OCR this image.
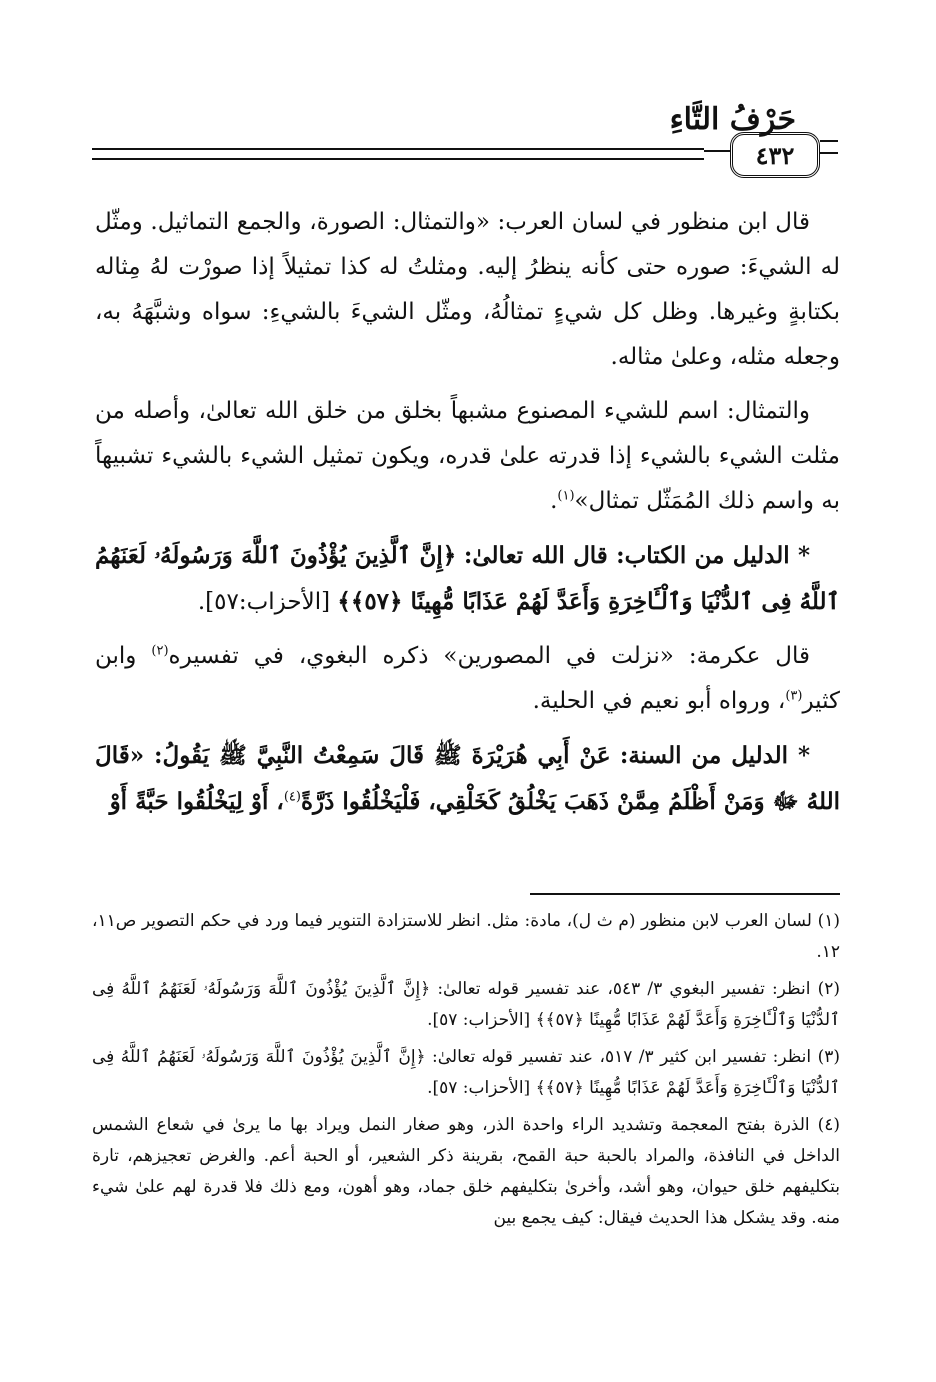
حَرْفُ التَّاءِ
٤٣٢

قال ابن منظور في لسان العرب: «والتمثال: الصورة، والجمع التماثيل. ومثّل له الشيءَ: صوره حتى كأنه ينظرُ إليه. ومثلتُ له كذا تمثيلاً إذا صورْت لهُ مِثاله بكتابةٍ وغيرها. وظل كل شيءٍ تمثالُهُ، ومثّل الشيءَ بالشيءِ: سواه وشبَّهَهُ به، وجعله مثله، وعلىٰ مثاله.

والتمثال: اسم للشيء المصنوع مشبهاً بخلق من خلق الله تعالىٰ، وأصله من مثلت الشيء بالشيء إذا قدرته علىٰ قدره، ويكون تمثيل الشيء بالشيء تشبيهاً به واسم ذلك المُمَثّل تمثال»$^{(١)}$.

* الدليل من الكتاب: قال الله تعالىٰ: ﴿إِنَّ ٱلَّذِينَ يُؤْذُونَ ٱللَّهَ وَرَسُولَهُۥ لَعَنَهُمُ ٱللَّهُ فِى ٱلدُّنْيَا وَٱلْـَٔاخِرَةِ وَأَعَدَّ لَهُمْ عَذَابًا مُّهِينًا ﴿٥٧﴾﴾ [الأحزاب:٥٧].

قال عكرمة: «نزلت في المصورين» ذكره البغوي، في تفسيره$^{(٢)}$ وابن كثير$^{(٣)}$، ورواه أبو نعيم في الحلية.

* الدليل من السنة: عَنْ أَبِي هُرَيْرَةَ ﷺ قَالَ سَمِعْتُ النَّبِيَّ ﷺ يَقُولُ: «قَالَ اللهُ ﷻ وَمَنْ أَظْلَمُ مِمَّنْ ذَهَبَ يَخْلُقُ كَخَلْقِي، فَلْيَخْلُقُوا ذَرَّةً$^{(٤)}$، أَوْ لِيَخْلُقُوا حَبَّةً أَوْ

(١) لسان العرب لابن منظور (م ث ل)، مادة: مثل. انظر للاستزادة التنوير فيما ورد في حكم التصوير ص١١، ١٢.

(٢) انظر: تفسير البغوي ٣/ ٥٤٣، عند تفسير قوله تعالىٰ: ﴿إِنَّ ٱلَّذِينَ يُؤْذُونَ ٱللَّهَ وَرَسُولَهُۥ لَعَنَهُمُ ٱللَّهُ فِى ٱلدُّنْيَا وَٱلْـَٔاخِرَةِ وَأَعَدَّ لَهُمْ عَذَابًا مُّهِينًا ﴿٥٧﴾﴾ [الأحزاب: ٥٧].

(٣) انظر: تفسير ابن كثير ٣/ ٥١٧، عند تفسير قوله تعالىٰ: ﴿إِنَّ ٱلَّذِينَ يُؤْذُونَ ٱللَّهَ وَرَسُولَهُۥ لَعَنَهُمُ ٱللَّهُ فِى ٱلدُّنْيَا وَٱلْـَٔاخِرَةِ وَأَعَدَّ لَهُمْ عَذَابًا مُّهِينًا ﴿٥٧﴾﴾ [الأحزاب: ٥٧].

(٤) الذرة بفتح المعجمة وتشديد الراء واحدة الذر، وهو صغار النمل ويراد بها ما يرىٰ في شعاع الشمس الداخل في النافذة، والمراد بالحبة حبة القمح، بقرينة ذكر الشعير، أو الحبة أعم. والغرض تعجيزهم، تارة بتكليفهم خلق حيوان، وهو أشد، وأخرىٰ بتكليفهم خلق جماد، وهو أهون، ومع ذلك فلا قدرة لهم علىٰ شيء منه. وقد يشكل هذا الحديث فيقال: كيف يجمع بين
